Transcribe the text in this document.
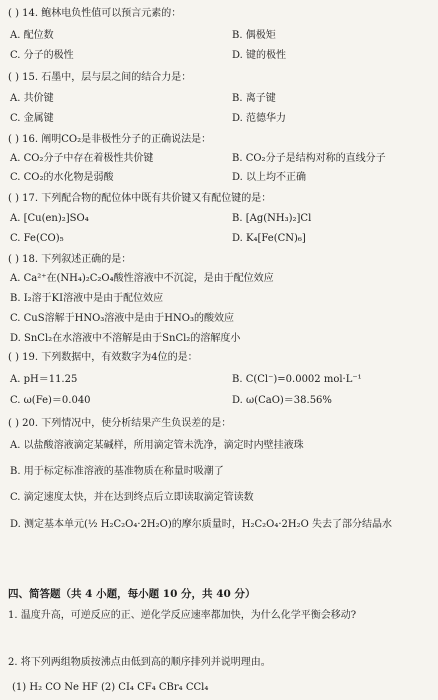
( ) 14. 鲍林电负性值可以预言元素的：
A. 配位数	B. 偶极矩
C. 分子的极性	D. 键的极性
( ) 15. 石墨中，层与层之间的结合力是：
A. 共价键	B. 离子键
C. 金属键	D. 范德华力
( ) 16. 阐明CO₂是非极性分子的正确说法是：
A. CO₂分子中存在着极性共价键	B. CO₂分子是结构对称的直线分子
C. CO₂的水化物是弱酸	D. 以上均不正确
( ) 17. 下列配合物的配位体中既有共价键又有配位键的是：
A. [Cu(en)₂]SO₄	B. [Ag(NH₃)₂]Cl
C. Fe(CO)₅	D. K₄[Fe(CN)₆]
( ) 18. 下列叙述正确的是：
A. Ca²⁺在(NH₄)₂C₂O₄酸性溶液中不沉淀，是由于配位效应
B. I₂溶于KI溶液中是由于配位效应
C. CuS溶解于HNO₃溶液中是由于HNO₃的酸效应
D. SnCl₂在水溶液中不溶解是由于SnCl₂的溶解度小
( ) 19. 下列数据中，有效数字为4位的是：
A. pH＝11.25	B. C(Cl⁻)=0.0002 mol·L⁻¹
C. ω(Fe)＝0.040	D. ω(CaO)＝38.56%
( ) 20. 下列情况中，使分析结果产生负误差的是：
A. 以盐酸溶液滴定某碱样，所用滴定管未洗净，滴定时内壁挂液珠
B. 用于标定标准溶液的基准物质在称量时吸潮了
C. 滴定速度太快，并在达到终点后立即读取滴定管读数
D. 测定基本单元(½ H₂C₂O₄·2H₂O)的摩尔质量时，H₂C₂O₄·2H₂O 失去了部分结晶水
四、简答题（共 4 小题，每小题 10 分，共 40 分）
1. 温度升高，可逆反应的正、逆化学反应速率都加快，为什么化学平衡会移动?
2. 将下列两组物质按沸点由低到高的顺序排列并说明理由。
(1) H₂ CO Ne HF (2) CI₄ CF₄ CBr₄ CCl₄
